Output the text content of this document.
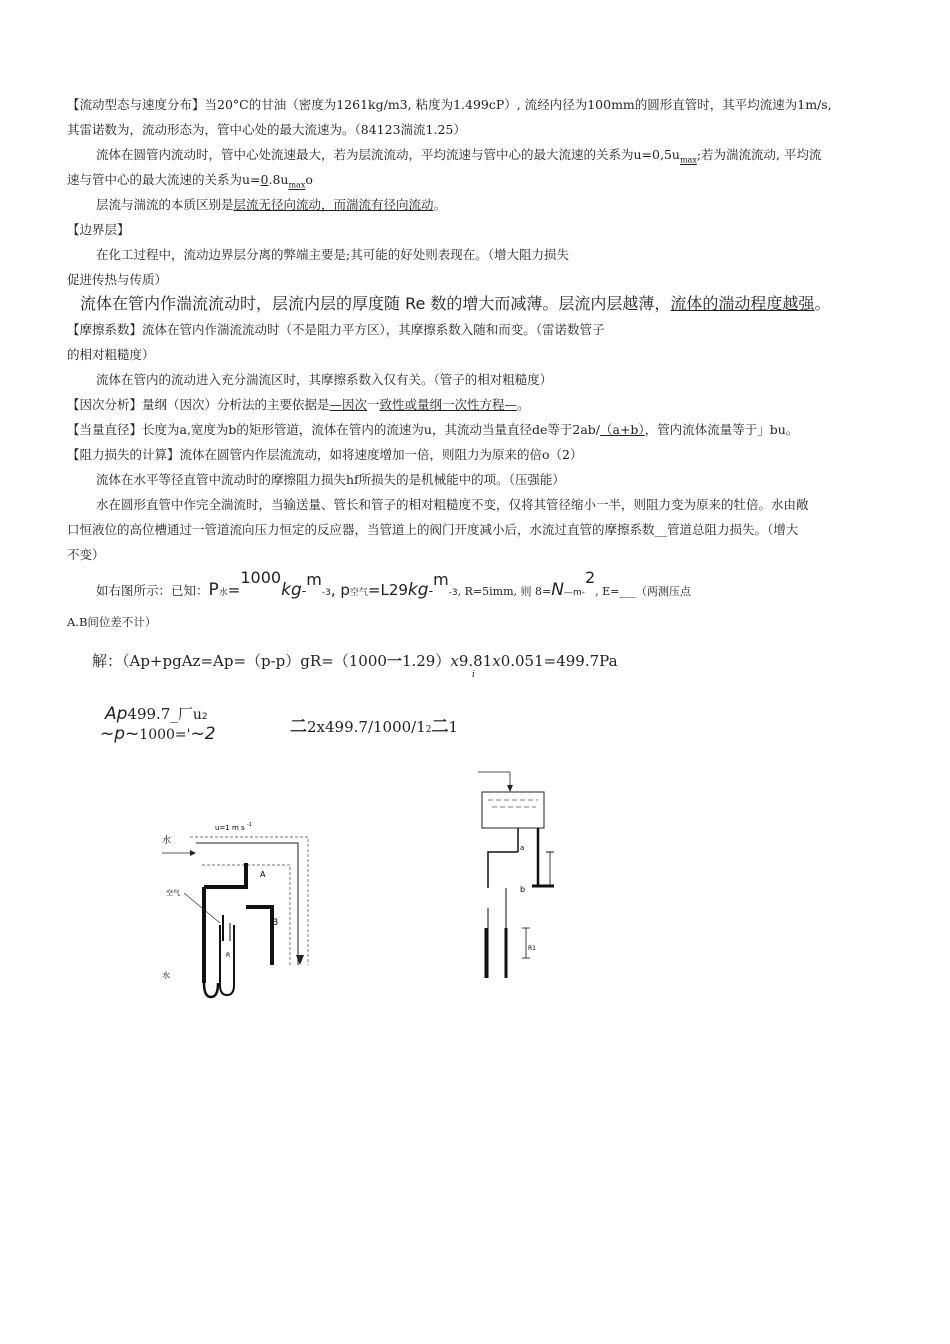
【流动型态与速度分布】当20°C的甘油（密度为1261kg/m3, 粘度为1.499cP）, 流经内径为100mm的圆形直管时，其平均流速为1m/s,
其雷诺数为，流动形态为，管中心处的最大流速为。（84123湍流1.25）
流体在圆管内流动时，管中心处流速最大，若为层流流动，平均流速与管中心的最大流速的关系为$u=0,5u_{max}$;若为湍流流动, 平均流
速与管中心的最大流速的关系为$u=0.8u_{max}o$
层流与湍流的本质区别是层流无径向流动，而湍流有径向流动。
【边界层】
在化工过程中，流动边界层分离的弊端主要是;其可能的好处则表现在。（增大阻力损失
促进传热与传质）
流体在管内作湍流流动时，层流内层的厚度随 Re 数的增大而减薄。层流内层越薄，流体的湍动程度越强。
【摩擦系数】流体在管内作湍流流动时（不是阻力平方区），其摩擦系数入随和而变。（雷诺数管子
的相对粗糙度）
流体在管内的流动进入充分湍流区时，其摩擦系数入仅有关。（管子的相对粗糙度）
【因次分析】量纲（因次）分析法的主要依据是—因次一致性或量纲一次性方程—。
【当量直径】长度为a,宽度为b的矩形管道，流体在管内的流速为u，其流动当量直径de等于2ab/（a+b），管内流体流量等于」bu。
【阻力损失的计算】流体在圆管内作层流流动，如将速度增加一倍，则阻力为原来的倍o（2）
流体在水平等径直管中流动时的摩擦阻力损失hf所损失的是机械能中的项。（压强能）
水在圆形直管中作完全湍流时，当输送量、管长和管子的相对粗糙度不变，仅将其管径缩小一半，则阻力变为原来的牡倍。水由敞
口恒液位的高位槽通过一管道流向压力恒定的反应器，当管道上的阀门开度减小后，水流过直管的摩擦系数__管道总阻力损失。（增大
不变）
如右图所示：已知：P水=1000kg-m-3, p空气=L29kg-m-3, R=5imm, 则 8=N—m-2, E=___（两测压点
A.B间位差不计）
解：（Ap+pgAz=Ap=（p-p）gR=（1000一1.29）x9.81x0.051=499.7Pa
i
Ap499.7_厂u2
~p~1000='~2	二2x499.7/1000/12二1
水
u=1 m s -1
A
B
空气
R
水
a
b
R1
